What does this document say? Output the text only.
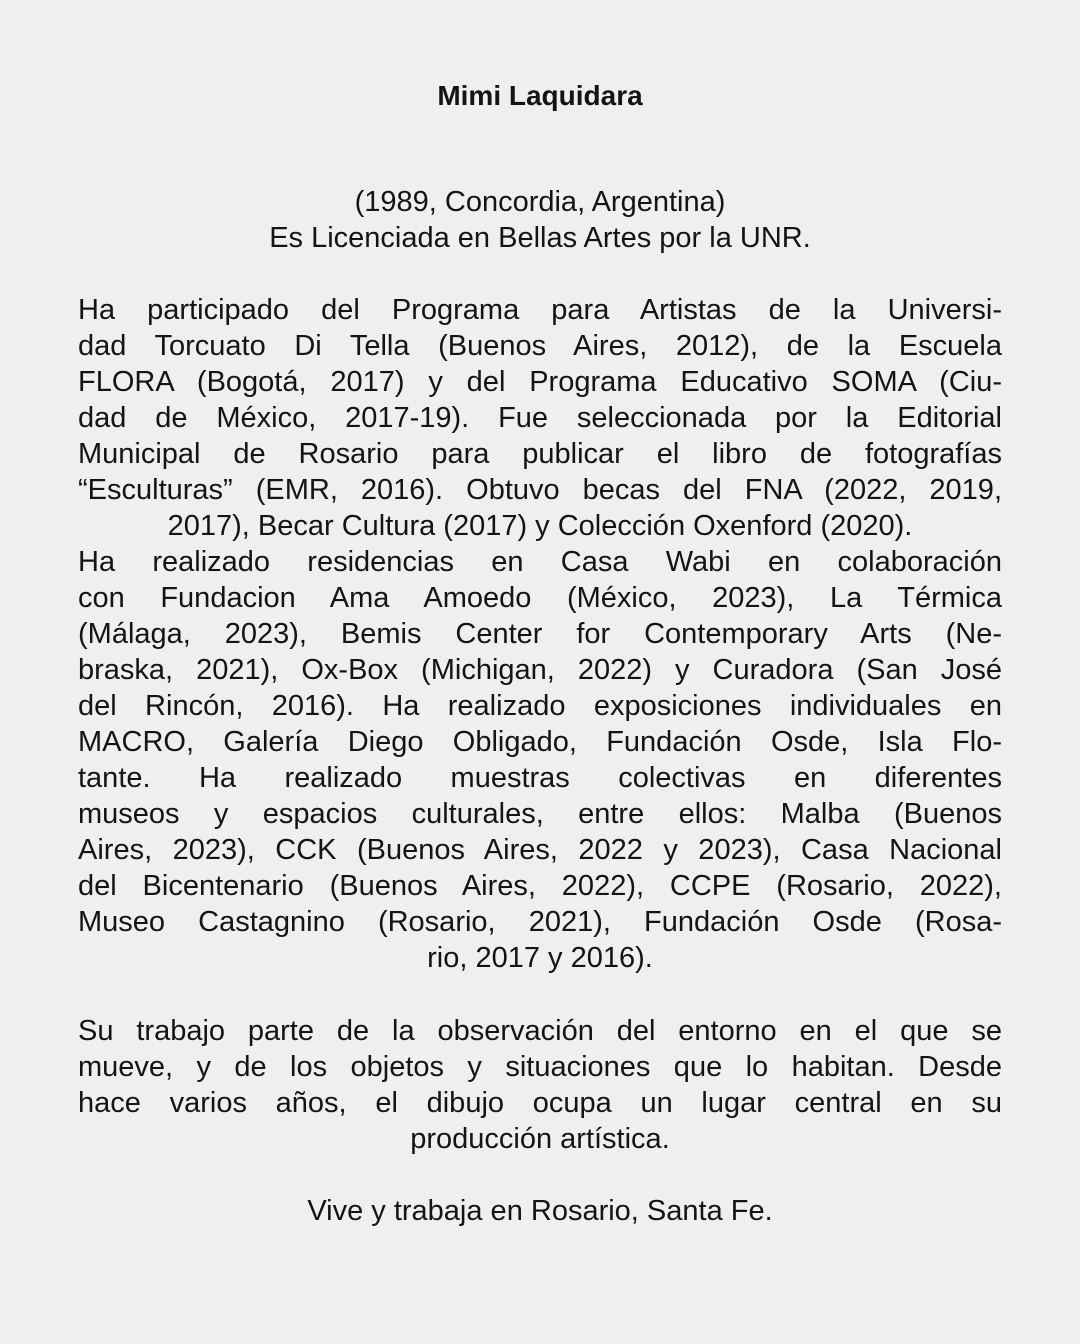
Mimi Laquidara
(1989, Concordia, Argentina)
Es Licenciada en Bellas Artes por la UNR.
Ha participado del Programa para Artistas de la Universi-
dad Torcuato Di Tella (Buenos Aires, 2012), de la Escuela
FLORA (Bogotá, 2017) y del Programa Educativo SOMA (Ciu-
dad de México, 2017-19). Fue seleccionada por la Editorial
Municipal de Rosario para publicar el libro de fotografías
“Esculturas” (EMR, 2016). Obtuvo becas del FNA (2022, 2019,
2017), Becar Cultura (2017) y Colección Oxenford (2020).
Ha realizado residencias en Casa Wabi en colaboración
con Fundacion Ama Amoedo (México, 2023), La Térmica
(Málaga, 2023), Bemis Center for Contemporary Arts (Ne-
braska, 2021), Ox-Box (Michigan, 2022) y Curadora (San José
del Rincón, 2016). Ha realizado exposiciones individuales en
MACRO, Galería Diego Obligado, Fundación Osde, Isla Flo-
tante. Ha realizado muestras colectivas en diferentes
museos y espacios culturales, entre ellos: Malba (Buenos
Aires, 2023), CCK (Buenos Aires, 2022 y 2023), Casa Nacional
del Bicentenario (Buenos Aires, 2022), CCPE (Rosario, 2022),
Museo Castagnino (Rosario, 2021), Fundación Osde (Rosa-
rio, 2017 y 2016).
Su trabajo parte de la observación del entorno en el que se
mueve, y de los objetos y situaciones que lo habitan. Desde
hace varios años, el dibujo ocupa un lugar central en su
producción artística.
Vive y trabaja en Rosario, Santa Fe.
